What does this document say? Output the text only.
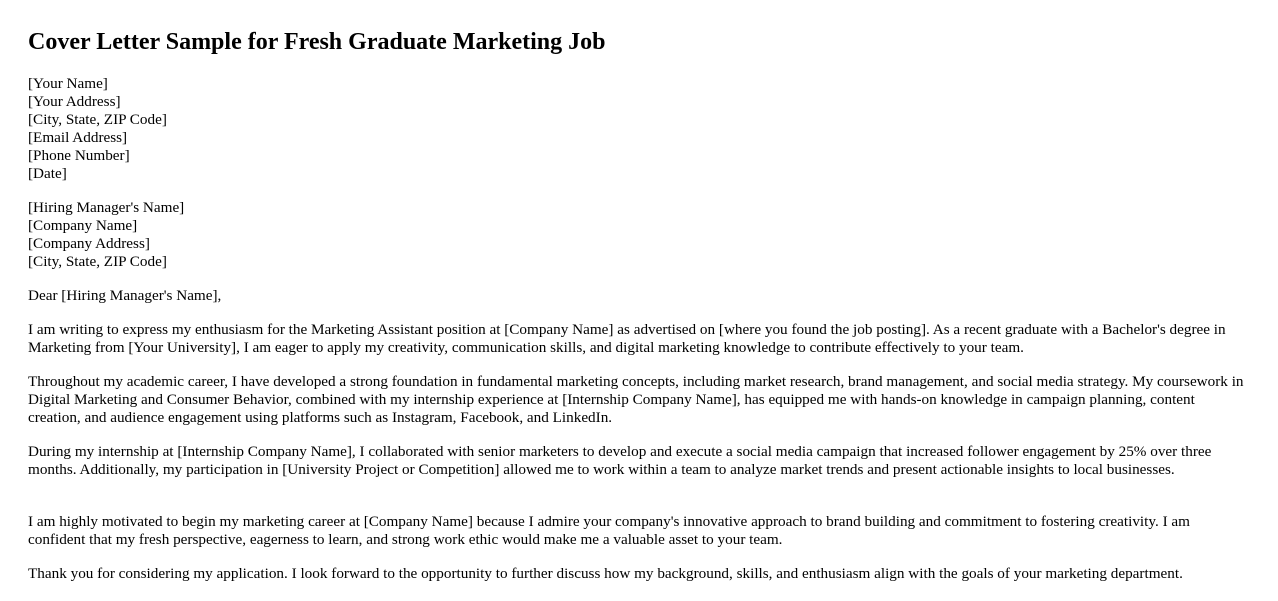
Cover Letter Sample for Fresh Graduate Marketing Job
[Your Name]
[Your Address]
[City, State, ZIP Code]
[Email Address]
[Phone Number]
[Date]
[Hiring Manager's Name]
[Company Name]
[Company Address]
[City, State, ZIP Code]
Dear [Hiring Manager's Name],

I am writing to express my enthusiasm for the Marketing Assistant position at [Company Name] as advertised on [where you found the job posting]. As a recent graduate with a Bachelor's degree in Marketing from [Your University], I am eager to apply my creativity, communication skills, and digital marketing knowledge to contribute effectively to your team.

Throughout my academic career, I have developed a strong foundation in fundamental marketing concepts, including market research, brand management, and social media strategy. My coursework in Digital Marketing and Consumer Behavior, combined with my internship experience at [Internship Company Name], has equipped me with hands-on knowledge in campaign planning, content creation, and audience engagement using platforms such as Instagram, Facebook, and LinkedIn.

During my internship at [Internship Company Name], I collaborated with senior marketers to develop and execute a social media campaign that increased follower engagement by 25% over three months. Additionally, my participation in [University Project or Competition] allowed me to work within a team to analyze market trends and present actionable insights to local businesses.

I am highly motivated to begin my marketing career at [Company Name] because I admire your company's innovative approach to brand building and commitment to fostering creativity. I am confident that my fresh perspective, eagerness to learn, and strong work ethic would make me a valuable asset to your team.

Thank you for considering my application. I look forward to the opportunity to further discuss how my background, skills, and enthusiasm align with the goals of your marketing department.
